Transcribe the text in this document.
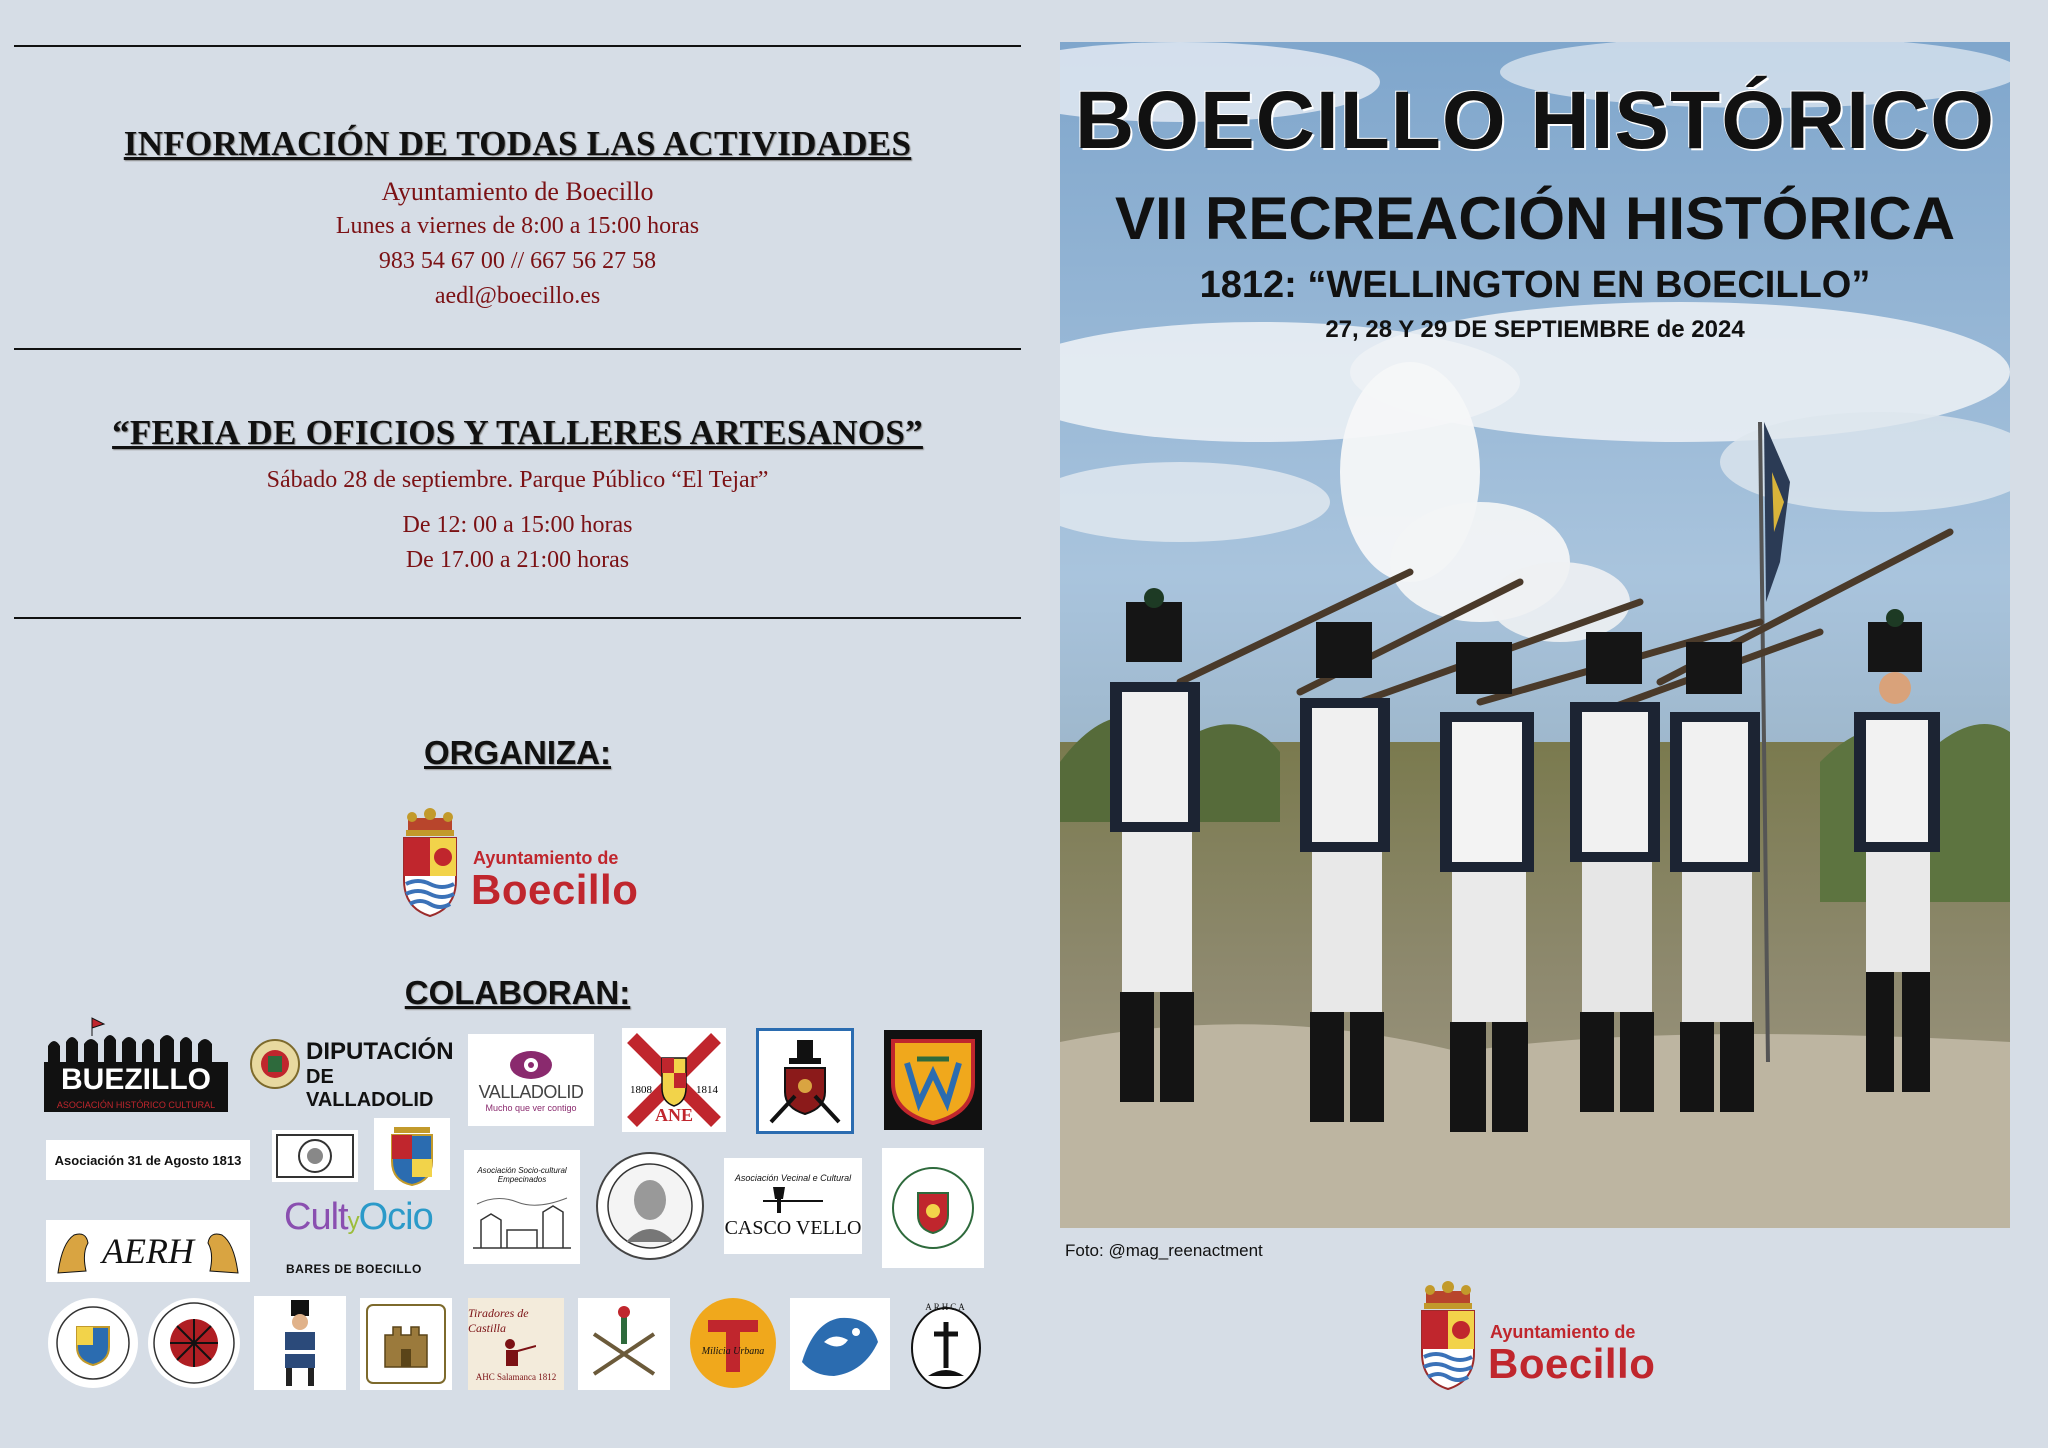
INFORMACIÓN DE TODAS LAS ACTIVIDADES
Ayuntamiento de Boecillo
Lunes a viernes de 8:00 a 15:00 horas
983 54 67 00 // 667 56 27 58
aedl@boecillo.es
“FERIA DE OFICIOS Y TALLERES ARTESANOS”
Sábado 28 de septiembre. Parque Público “El Tejar”
De 12: 00 a 15:00 horas
De 17.00 a 21:00 horas
ORGANIZA:
Ayuntamiento de
Boecillo
COLABORAN:
BUEZILLO
ASOCIACIÓN HISTÓRICO CULTURAL
DIPUTACIÓN
DE VALLADOLID	VALLADOLID
Mucho que ver contigo
1808	1814
ANE
Asociación 31 de Agosto 1813
Asociación Socio-cultural Empecinados	Asociación Vecinal e Cultural
CASCO VELLO
AERH
CultyOcio
BARES DE BOECILLO
Tiradores de Castilla
AHC Salamanca 1812
Milicia Urbana
ARHCA
BOECILLO HISTÓRICO
VII RECREACIÓN HISTÓRICA
1812: “WELLINGTON EN BOECILLO”
27, 28 Y 29 DE SEPTIEMBRE de 2024
Foto: @mag_reenactment
Ayuntamiento de
Boecillo
